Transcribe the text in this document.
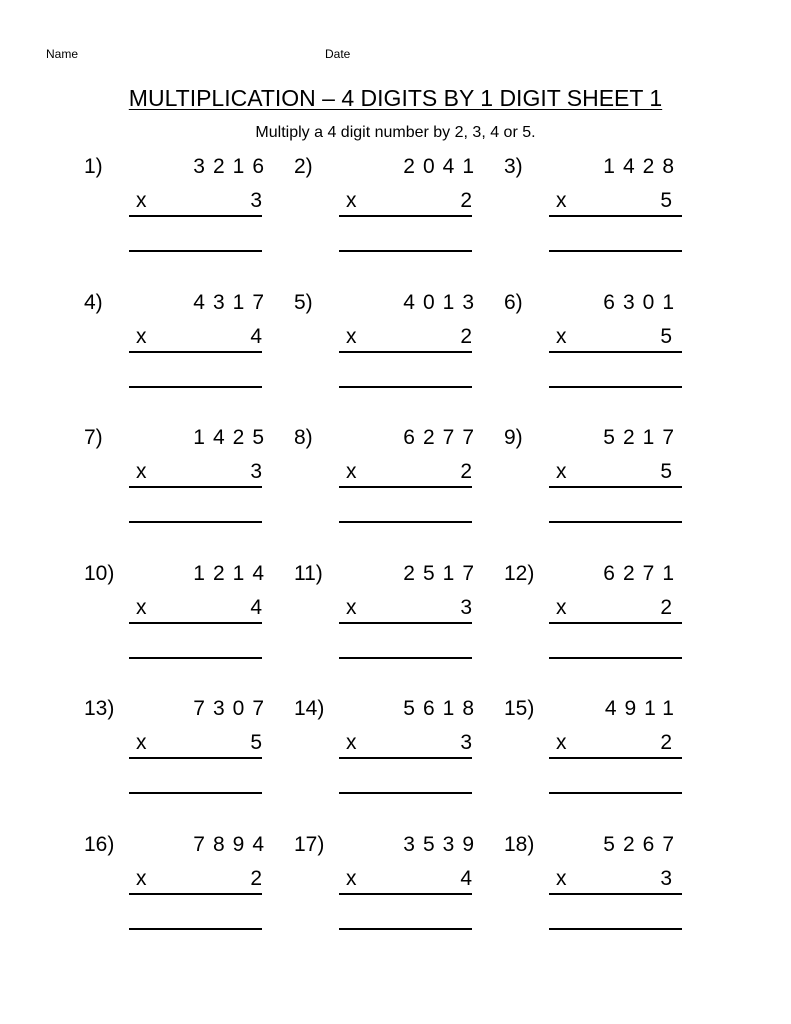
Name	Date
MULTIPLICATION – 4 DIGITS BY 1 DIGIT SHEET 1
Multiply a 4 digit number by 2, 3, 4 or 5.
1)	3216
x	3
2)	2041
x	2
3)	1428
x	5
4)	4317
x	4
5)	4013
x	2
6)	6301
x	5
7)	1425
x	3
8)	6277
x	2
9)	5217
x	5
10)	1214
x	4
11)	2517
x	3
12)	6271
x	2
13)	7307
x	5
14)	5618
x	3
15)	4911
x	2
16)	7894
x	2
17)	3539
x	4
18)	5267
x	3
